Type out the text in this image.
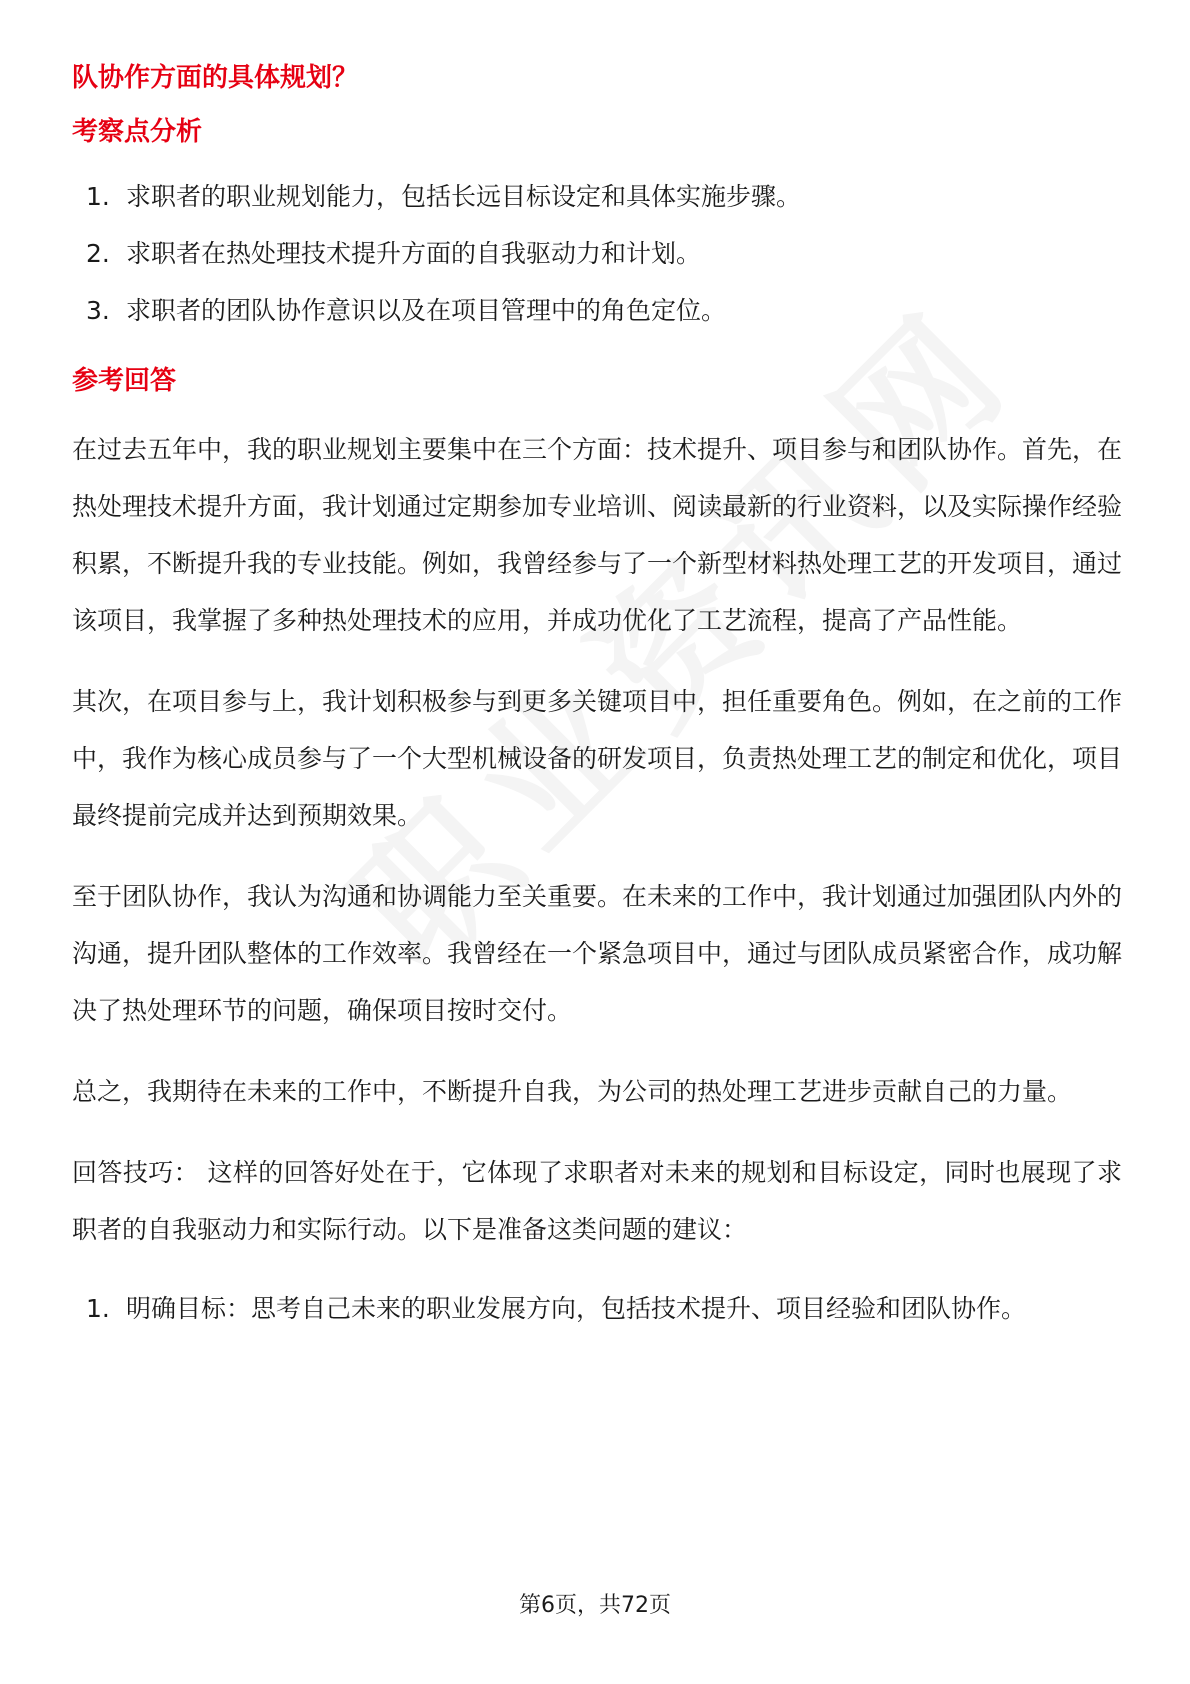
队协作方面的具体规划？
考察点分析
1. 求职者的职业规划能力，包括长远目标设定和具体实施步骤。
2. 求职者在热处理技术提升方面的自我驱动力和计划。
3. 求职者的团队协作意识以及在项目管理中的角色定位。
参考回答

在过去五年中，我的职业规划主要集中在三个方面：技术提升、项目参与和团队协作。首先，在热处理技术提升方面，我计划通过定期参加专业培训、阅读最新的行业资料，以及实际操作经验积累，不断提升我的专业技能。例如，我曾经参与了一个新型材料热处理工艺的开发项目，通过该项目，我掌握了多种热处理技术的应用，并成功优化了工艺流程，提高了产品性能。

其次，在项目参与上，我计划积极参与到更多关键项目中，担任重要角色。例如，在之前的工作中，我作为核心成员参与了一个大型机械设备的研发项目，负责热处理工艺的制定和优化，项目最终提前完成并达到预期效果。

至于团队协作，我认为沟通和协调能力至关重要。在未来的工作中，我计划通过加强团队内外的沟通，提升团队整体的工作效率。我曾经在一个紧急项目中，通过与团队成员紧密合作，成功解决了热处理环节的问题，确保项目按时交付。

总之，我期待在未来的工作中，不断提升自我，为公司的热处理工艺进步贡献自己的力量。

回答技巧： 这样的回答好处在于，它体现了求职者对未来的规划和目标设定，同时也展现了求职者的自我驱动力和实际行动。以下是准备这类问题的建议：

1. 明确目标：思考自己未来的职业发展方向，包括技术提升、项目经验和团队协作。
第6页，共72页
